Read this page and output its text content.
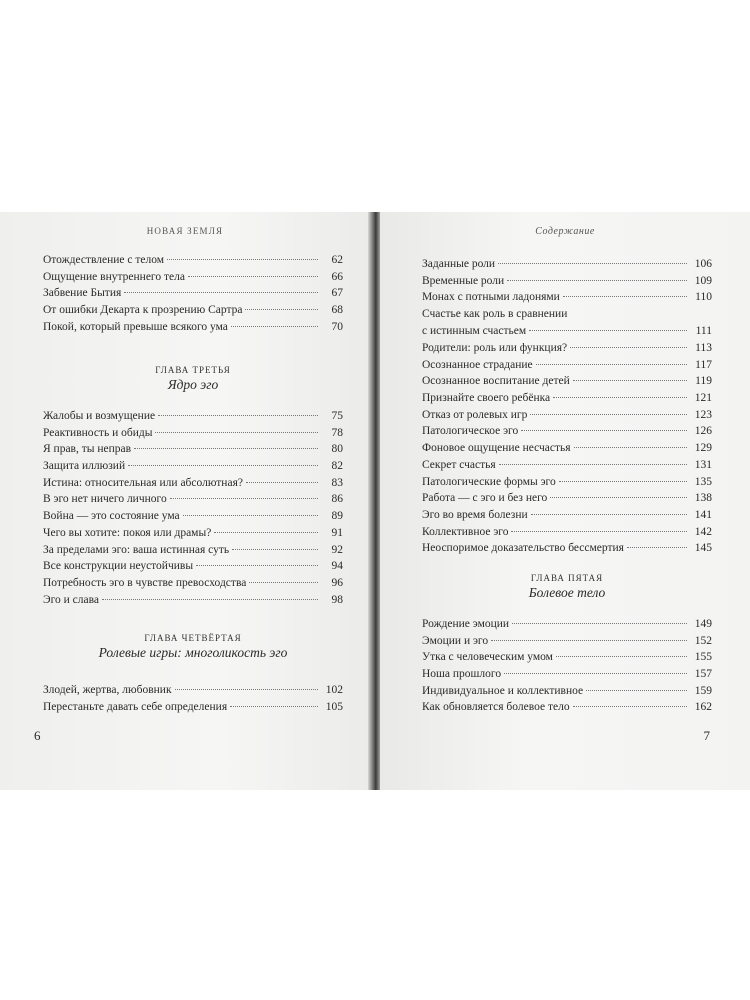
НОВАЯ ЗЕМЛЯ
Отождествление с телом	62
Ощущение внутреннего тела	66
Забвение Бытия	67
От ошибки Декарта к прозрению Сартра	68
Покой, который превыше всякого ума	70
ГЛАВА ТРЕТЬЯ
Ядро эго
Жалобы и возмущение	75
Реактивность и обиды	78
Я прав, ты неправ	80
Защита иллюзий	82
Истина: относительная или абсолютная?	83
В эго нет ничего личного	86
Война — это состояние ума	89
Чего вы хотите: покоя или драмы?	91
За пределами эго: ваша истинная суть	92
Все конструкции неустойчивы	94
Потребность эго в чувстве превосходства	96
Эго и слава	98
ГЛАВА ЧЕТВЁРТАЯ
Ролевые игры: многоликость эго
Злодей, жертва, любовник	102
Перестаньте давать себе определения	105
6
Содержание
Заданные роли	106
Временные роли	109
Монах с потными ладонями	110
Счастье как роль в сравнении
с истинным счастьем	111
Родители: роль или функция?	113
Осознанное страдание	117
Осознанное воспитание детей	119
Признайте своего ребёнка	121
Отказ от ролевых игр	123
Патологическое эго	126
Фоновое ощущение несчастья	129
Секрет счастья	131
Патологические формы эго	135
Работа — с эго и без него	138
Эго во время болезни	141
Коллективное эго	142
Неоспоримое доказательство бессмертия	145
ГЛАВА ПЯТАЯ
Болевое тело
Рождение эмоции	149
Эмоции и эго	152
Утка с человеческим умом	155
Ноша прошлого	157
Индивидуальное и коллективное	159
Как обновляется болевое тело	162
7
